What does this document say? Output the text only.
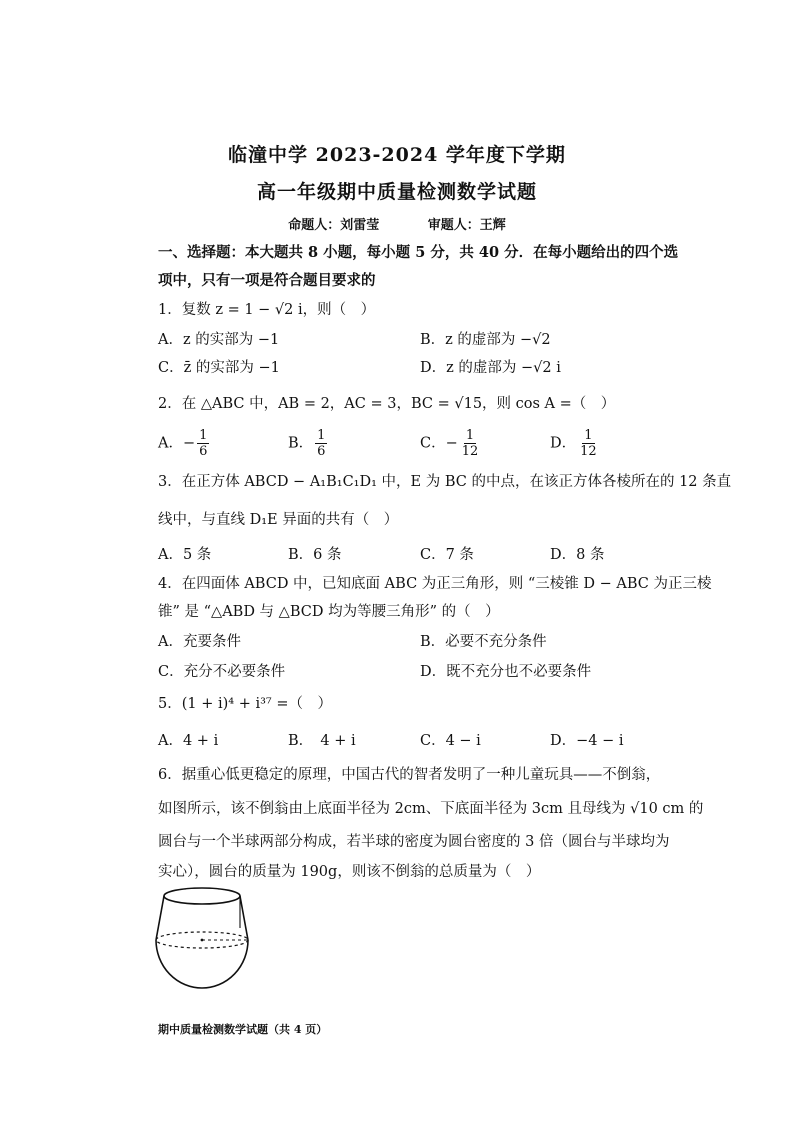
临潼中学 2023-2024 学年度下学期
高一年级期中质量检测数学试题
命题人：刘雷莹	审题人：王辉
一、选择题：本大题共 8 小题，每小题 5 分，共 40 分．在每小题给出的四个选
项中，只有一项是符合题目要求的
1．复数 z = 1 − √2 i，则（　）
A．z 的实部为 −1	B．z 的虚部为 −√2
C．z̄ 的实部为 −1	D．z 的虚部为 −√2 i
2．在 △ABC 中，AB = 2，AC = 3，BC = √15，则 cos A =（　）
A．− $\frac{1}{6}$	B． $\frac{1}{6}$	C．− $\frac{1}{12}$	D． $\frac{1}{12}$
3．在正方体 ABCD − A₁B₁C₁D₁ 中，E 为 BC 的中点，在该正方体各棱所在的 12 条直
线中，与直线 D₁E 异面的共有（　）
A．5 条	B．6 条	C．7 条	D．8 条
4．在四面体 ABCD 中，已知底面 ABC 为正三角形，则 “三棱锥 D − ABC 为正三棱
锥” 是 “△ABD 与 △BCD 均为等腰三角形” 的（　）
A．充要条件	B．必要不充分条件
C．充分不必要条件	D．既不充分也不必要条件
5．(1 + i)⁴ + i³⁷ =（　）
A．4 + i	B．　4 + i	C．4 − i	D．−4 − i
6．据重心低更稳定的原理，中国古代的智者发明了一种儿童玩具——不倒翁，
如图所示，该不倒翁由上底面半径为 2cm、下底面半径为 3cm 且母线为 √10 cm 的
圆台与一个半球两部分构成，若半球的密度为圆台密度的 3 倍（圆台与半球均为
实心），圆台的质量为 190g，则该不倒翁的总质量为（　）
期中质量检测数学试题（共 4 页）
